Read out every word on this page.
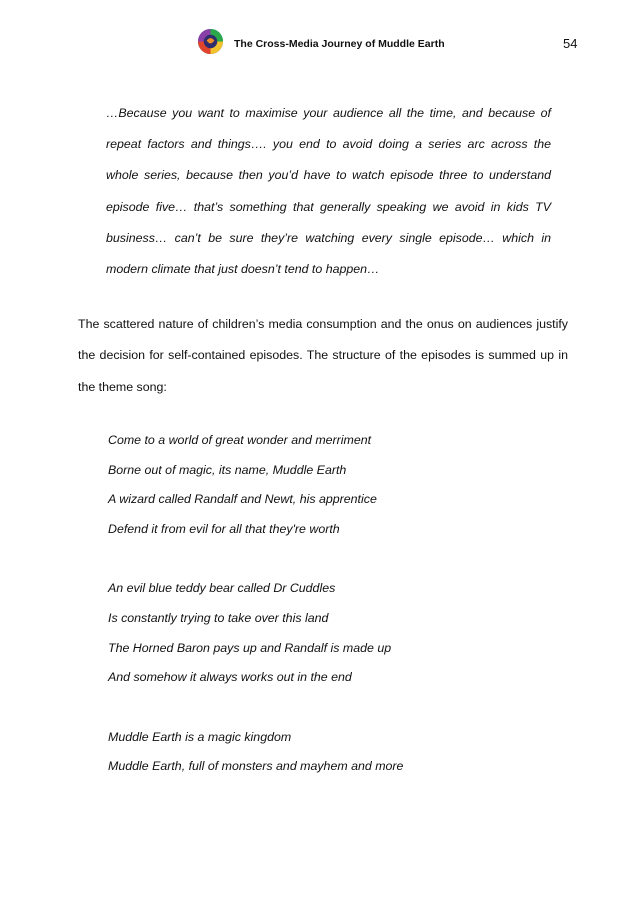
The Cross-Media Journey of Muddle Earth	54
…Because you want to maximise your audience all the time, and because of
repeat factors and things…. you end to avoid doing a series arc across the
whole series, because then you’d have to watch episode three to understand
episode five… that’s something that generally speaking we avoid in kids TV
business… can’t be sure they’re watching every single episode… which in
modern climate that just doesn’t tend to happen…
The scattered nature of children’s media consumption and the onus on audiences justify
the decision for self-contained episodes. The structure of the episodes is summed up in
the theme song:
Come to a world of great wonder and merriment
Borne out of magic, its name, Muddle Earth
A wizard called Randalf and Newt, his apprentice
Defend it from evil for all that they're worth
An evil blue teddy bear called Dr Cuddles
Is constantly trying to take over this land
The Horned Baron pays up and Randalf is made up
And somehow it always works out in the end
Muddle Earth is a magic kingdom
Muddle Earth, full of monsters and mayhem and more
